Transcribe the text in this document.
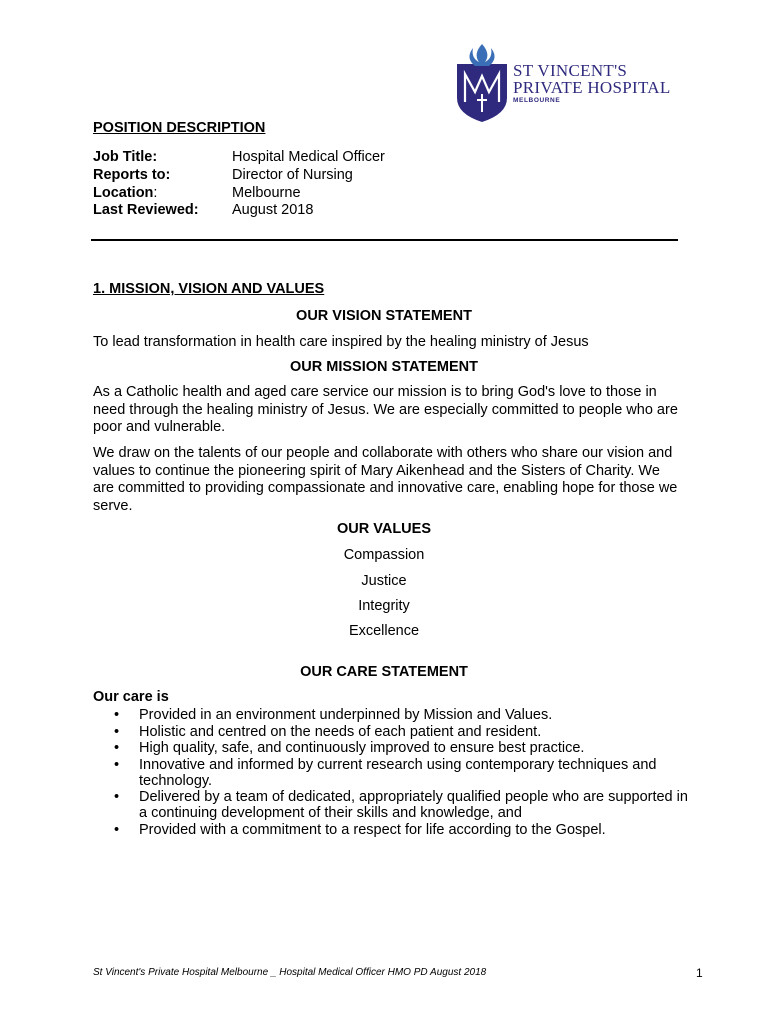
ST VINCENT'S
PRIVATE HOSPITAL
MELBOURNE
POSITION DESCRIPTION
Job Title:	Hospital Medical Officer
Reports to:	Director of Nursing
Location:	Melbourne
Last Reviewed: August 2018
1. MISSION, VISION AND VALUES
OUR VISION STATEMENT
To lead transformation in health care inspired by the healing ministry of Jesus
OUR MISSION STATEMENT
As a Catholic health and aged care service our mission is to bring God's love to those in need through the healing ministry of Jesus. We are especially committed to people who are poor and vulnerable.
We draw on the talents of our people and collaborate with others who share our vision and values to continue the pioneering spirit of Mary Aikenhead and the Sisters of Charity. We are committed to providing compassionate and innovative care, enabling hope for those we serve.
OUR VALUES
Compassion
Justice
Integrity
Excellence
OUR CARE STATEMENT
Our care is
• Provided in an environment underpinned by Mission and Values.
• Holistic and centred on the needs of each patient and resident.
• High quality, safe, and continuously improved to ensure best practice.
• Innovative and informed by current research using contemporary techniques and technology.
• Delivered by a team of dedicated, appropriately qualified people who are supported in a continuing development of their skills and knowledge, and
• Provided with a commitment to a respect for life according to the Gospel.
St Vincent's Private Hospital Melbourne _ Hospital Medical Officer HMO PD August 2018	1
